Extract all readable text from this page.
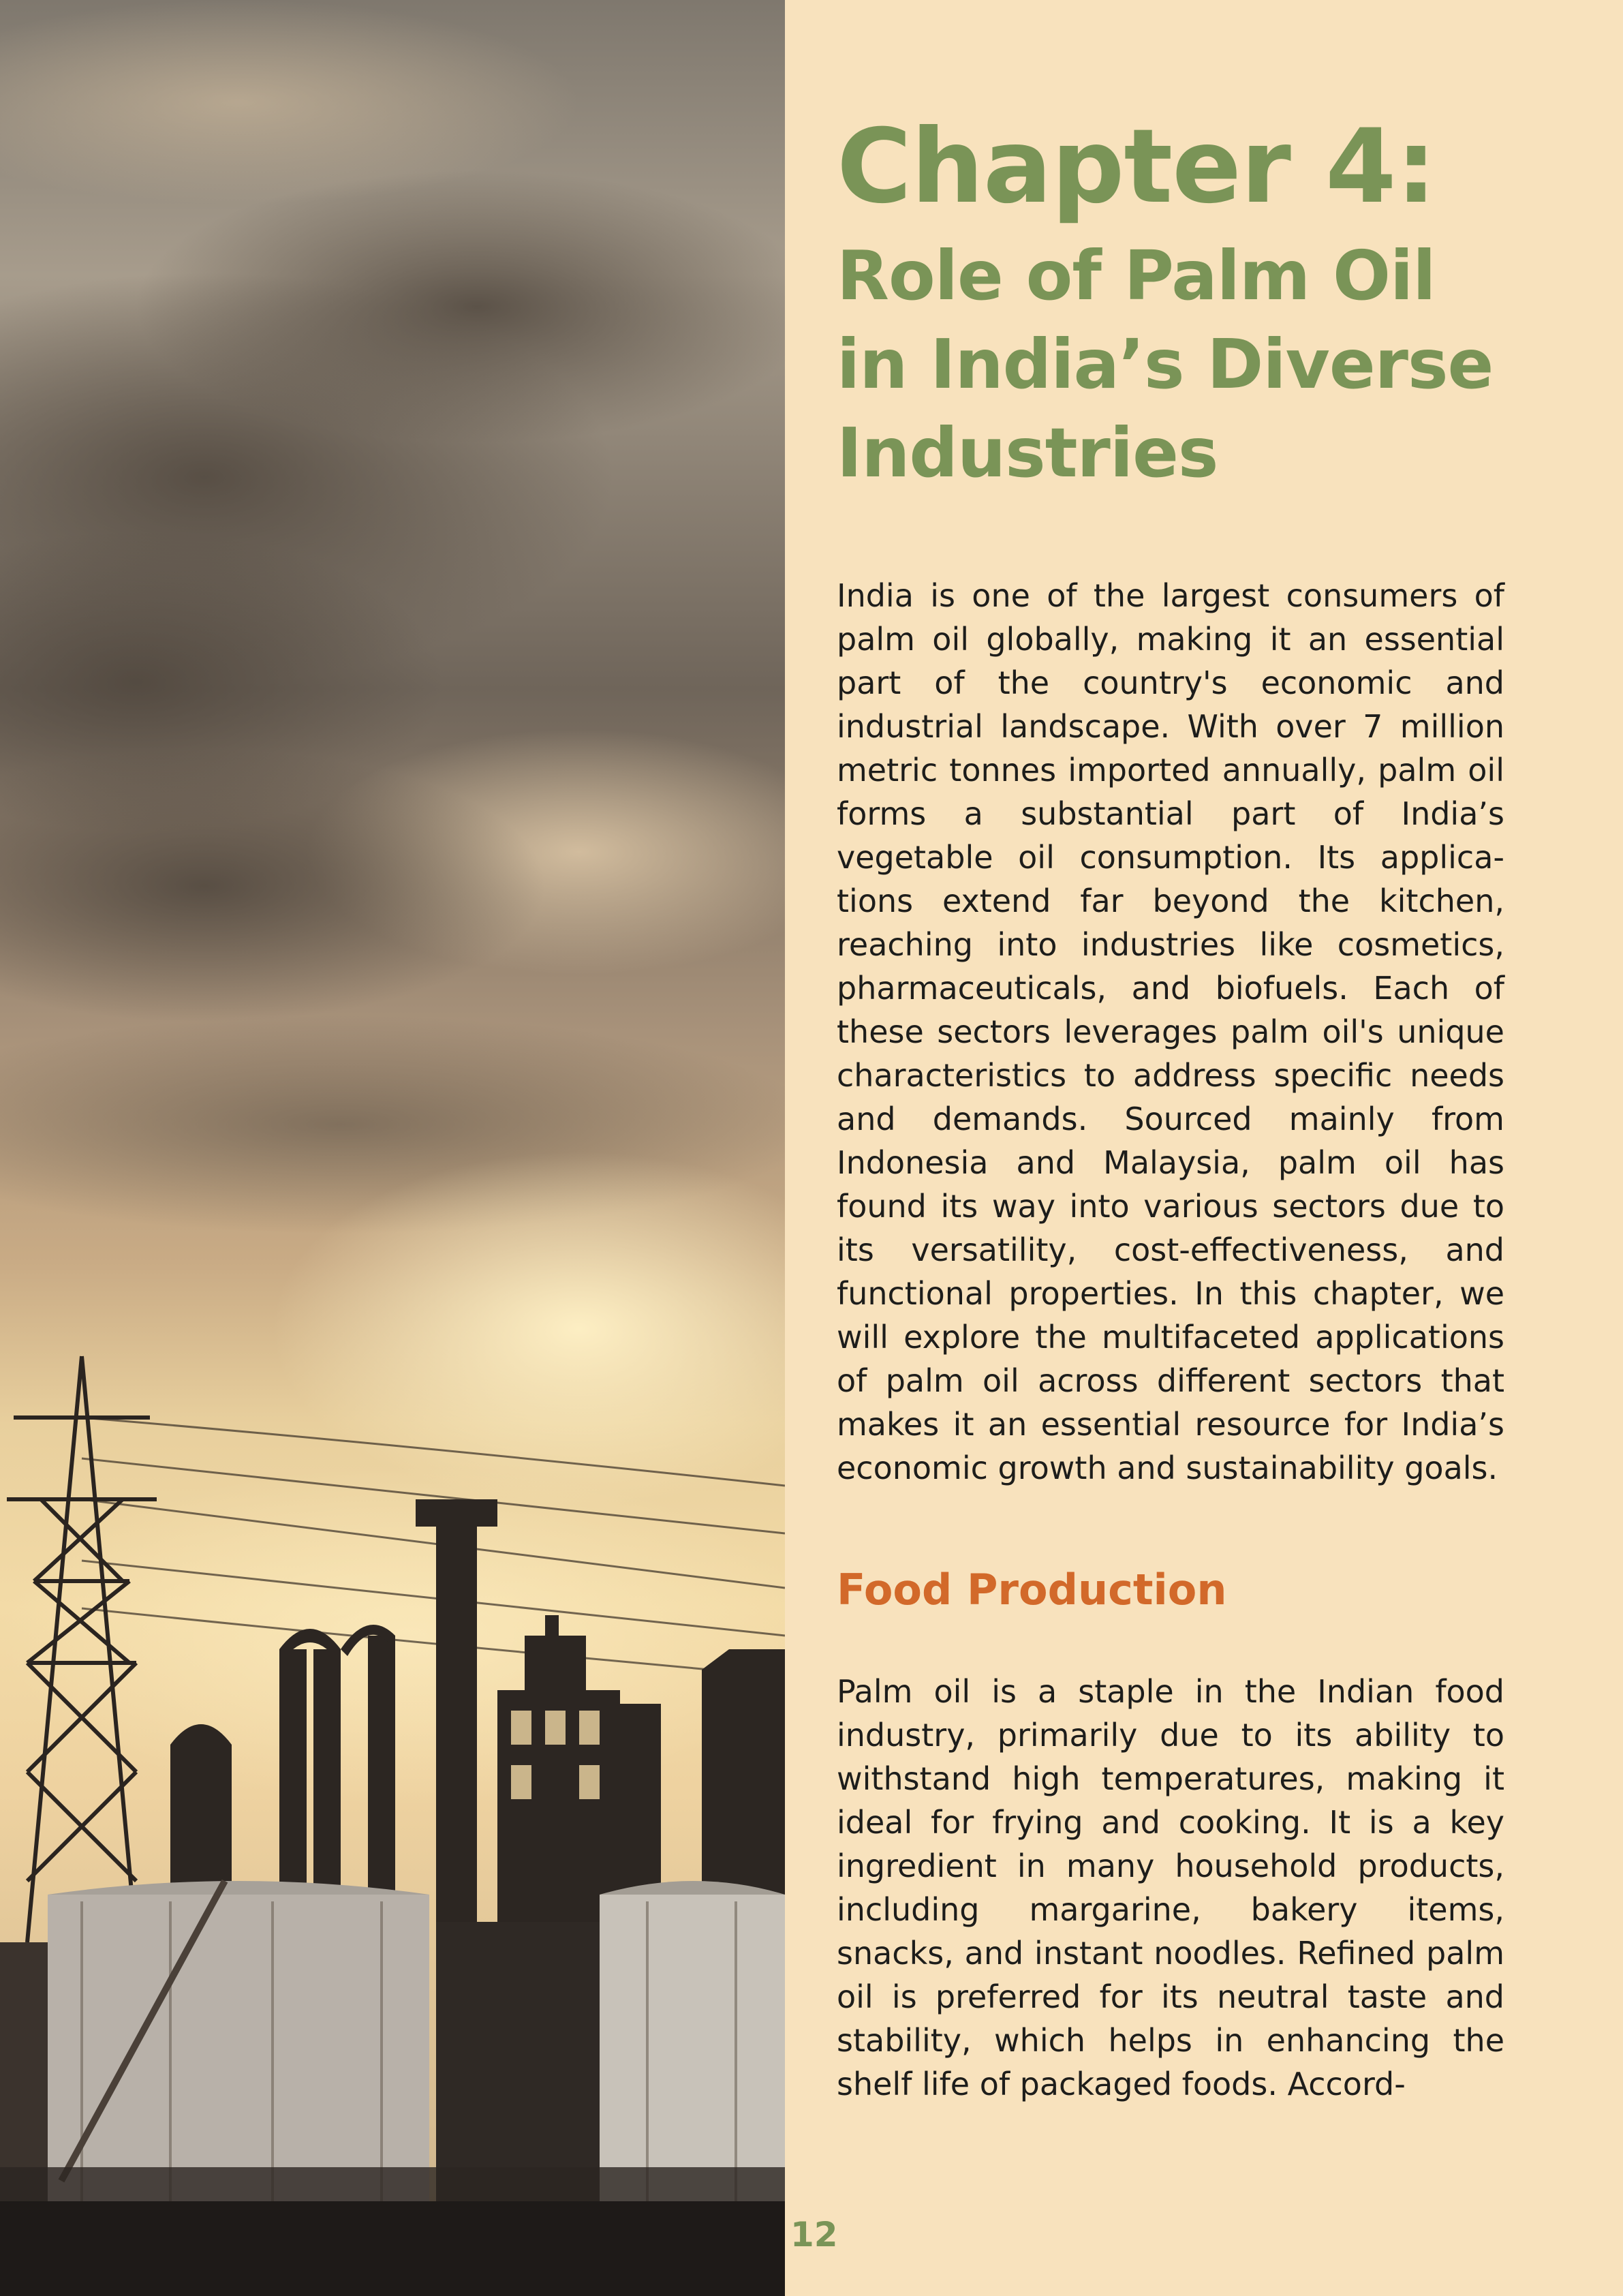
Chapter 4:
Role of Palm Oil in India’s Diverse Industries

India is one of the largest consumers of palm oil globally, making it an essential part of the country's economic and industrial landscape. With over 7 million metric tonnes imported annually, palm oil forms a substantial part of India’s vegetable oil consumption. Its applications extend far beyond the kitchen, reaching into industries like cosmetics, pharmaceuticals, and biofuels. Each of these sectors leverages palm oil's unique characteristics to address specific needs and demands. Sourced mainly from Indonesia and Malaysia, palm oil has found its way into various sectors due to its versatility, cost-effectiveness, and functional properties. In this chapter, we will explore the multifaceted applications of palm oil across different sectors that makes it an essential resource for India’s economic growth and sustainability goals.

Food Production

Palm oil is a staple in the Indian food industry, primarily due to its ability to withstand high temperatures, making it ideal for frying and cooking. It is a key ingredient in many household products, including margarine, bakery items, snacks, and instant noodles. Refined palm oil is preferred for its neutral taste and stability, which helps in enhancing the shelf life of packaged foods. Accord-

12
